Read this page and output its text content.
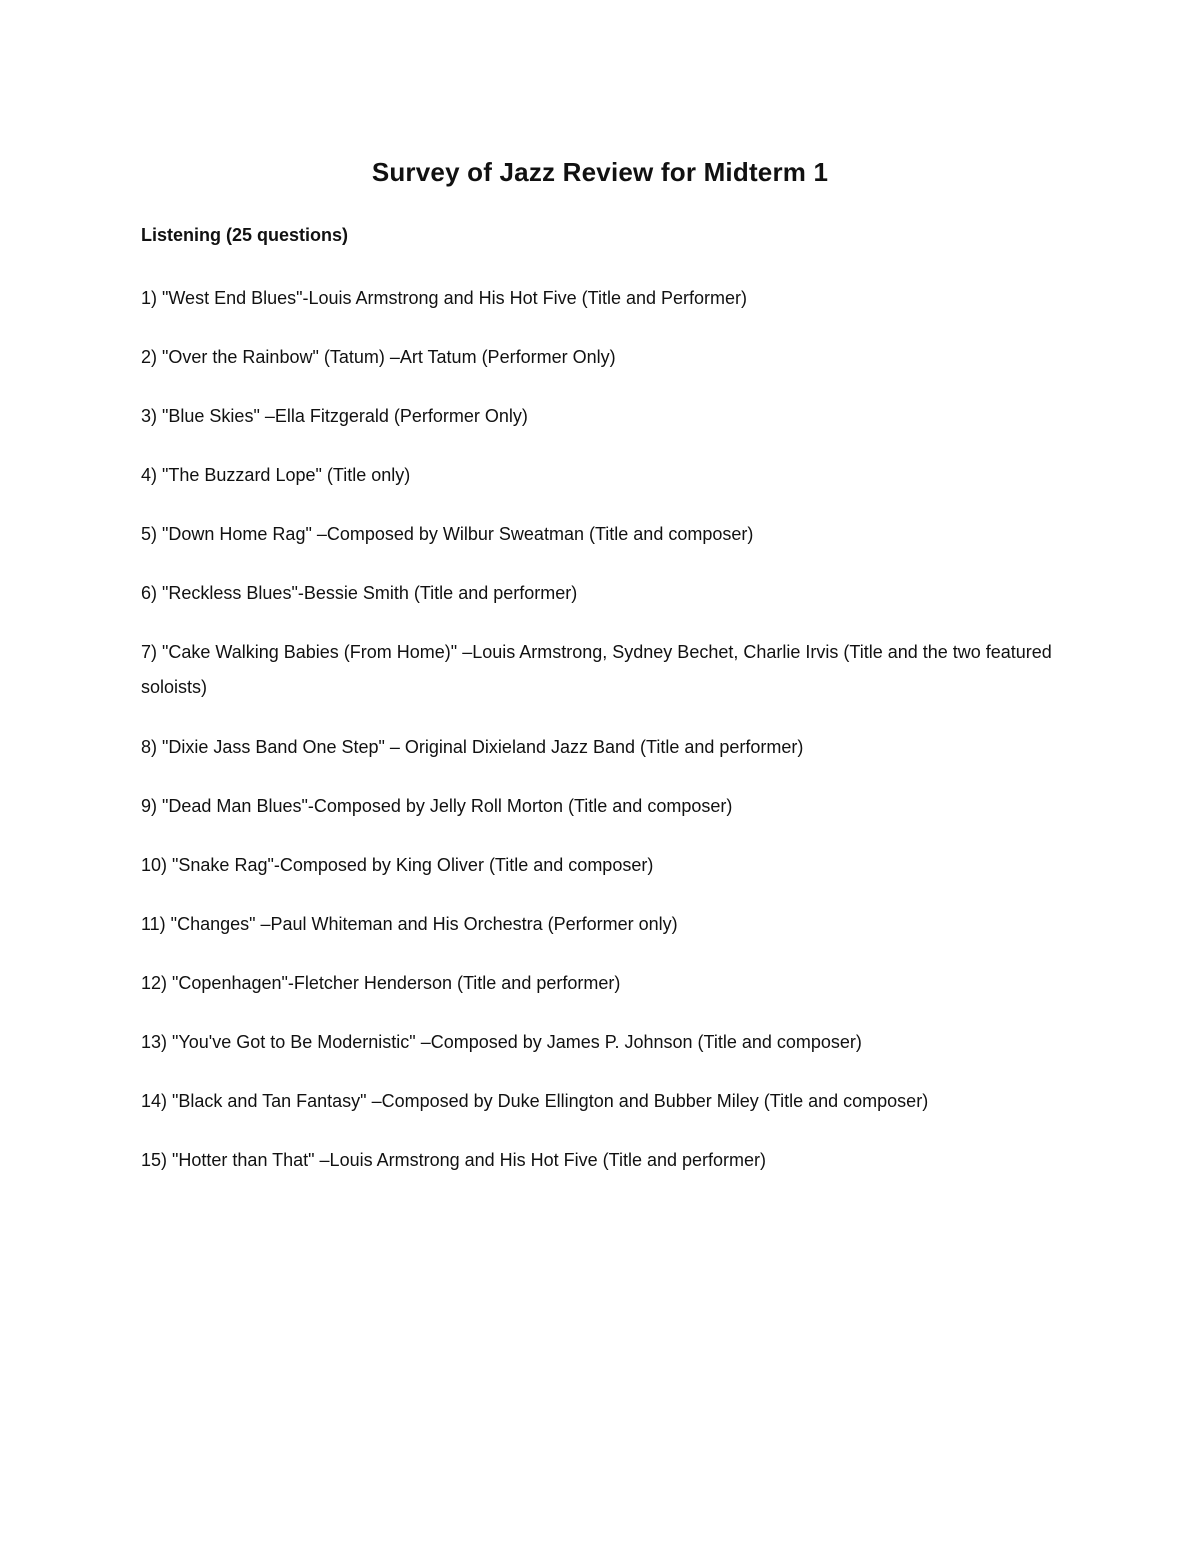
Survey of Jazz Review for Midterm 1
Listening (25 questions)
1) "West End Blues"-Louis Armstrong and His Hot Five (Title and Performer)
2) "Over the Rainbow" (Tatum) –Art Tatum (Performer Only)
3) "Blue Skies" –Ella Fitzgerald (Performer Only)
4) "The Buzzard Lope" (Title only)
5) "Down Home Rag" –Composed by Wilbur Sweatman (Title and composer)
6) "Reckless Blues"-Bessie Smith (Title and performer)
7) "Cake Walking Babies (From Home)" –Louis Armstrong, Sydney Bechet, Charlie Irvis (Title and the two featured soloists)
8) "Dixie Jass Band One Step" – Original Dixieland Jazz Band (Title and performer)
9) "Dead Man Blues"-Composed by Jelly Roll Morton (Title and composer)
10) "Snake Rag"-Composed by King Oliver (Title and composer)
11) "Changes" –Paul Whiteman and His Orchestra (Performer only)
12) "Copenhagen"-Fletcher Henderson (Title and performer)
13) "You've Got to Be Modernistic" –Composed by James P. Johnson (Title and composer)
14) "Black and Tan Fantasy" –Composed by Duke Ellington and Bubber Miley (Title and composer)
15) "Hotter than That" –Louis Armstrong and His Hot Five (Title and performer)
